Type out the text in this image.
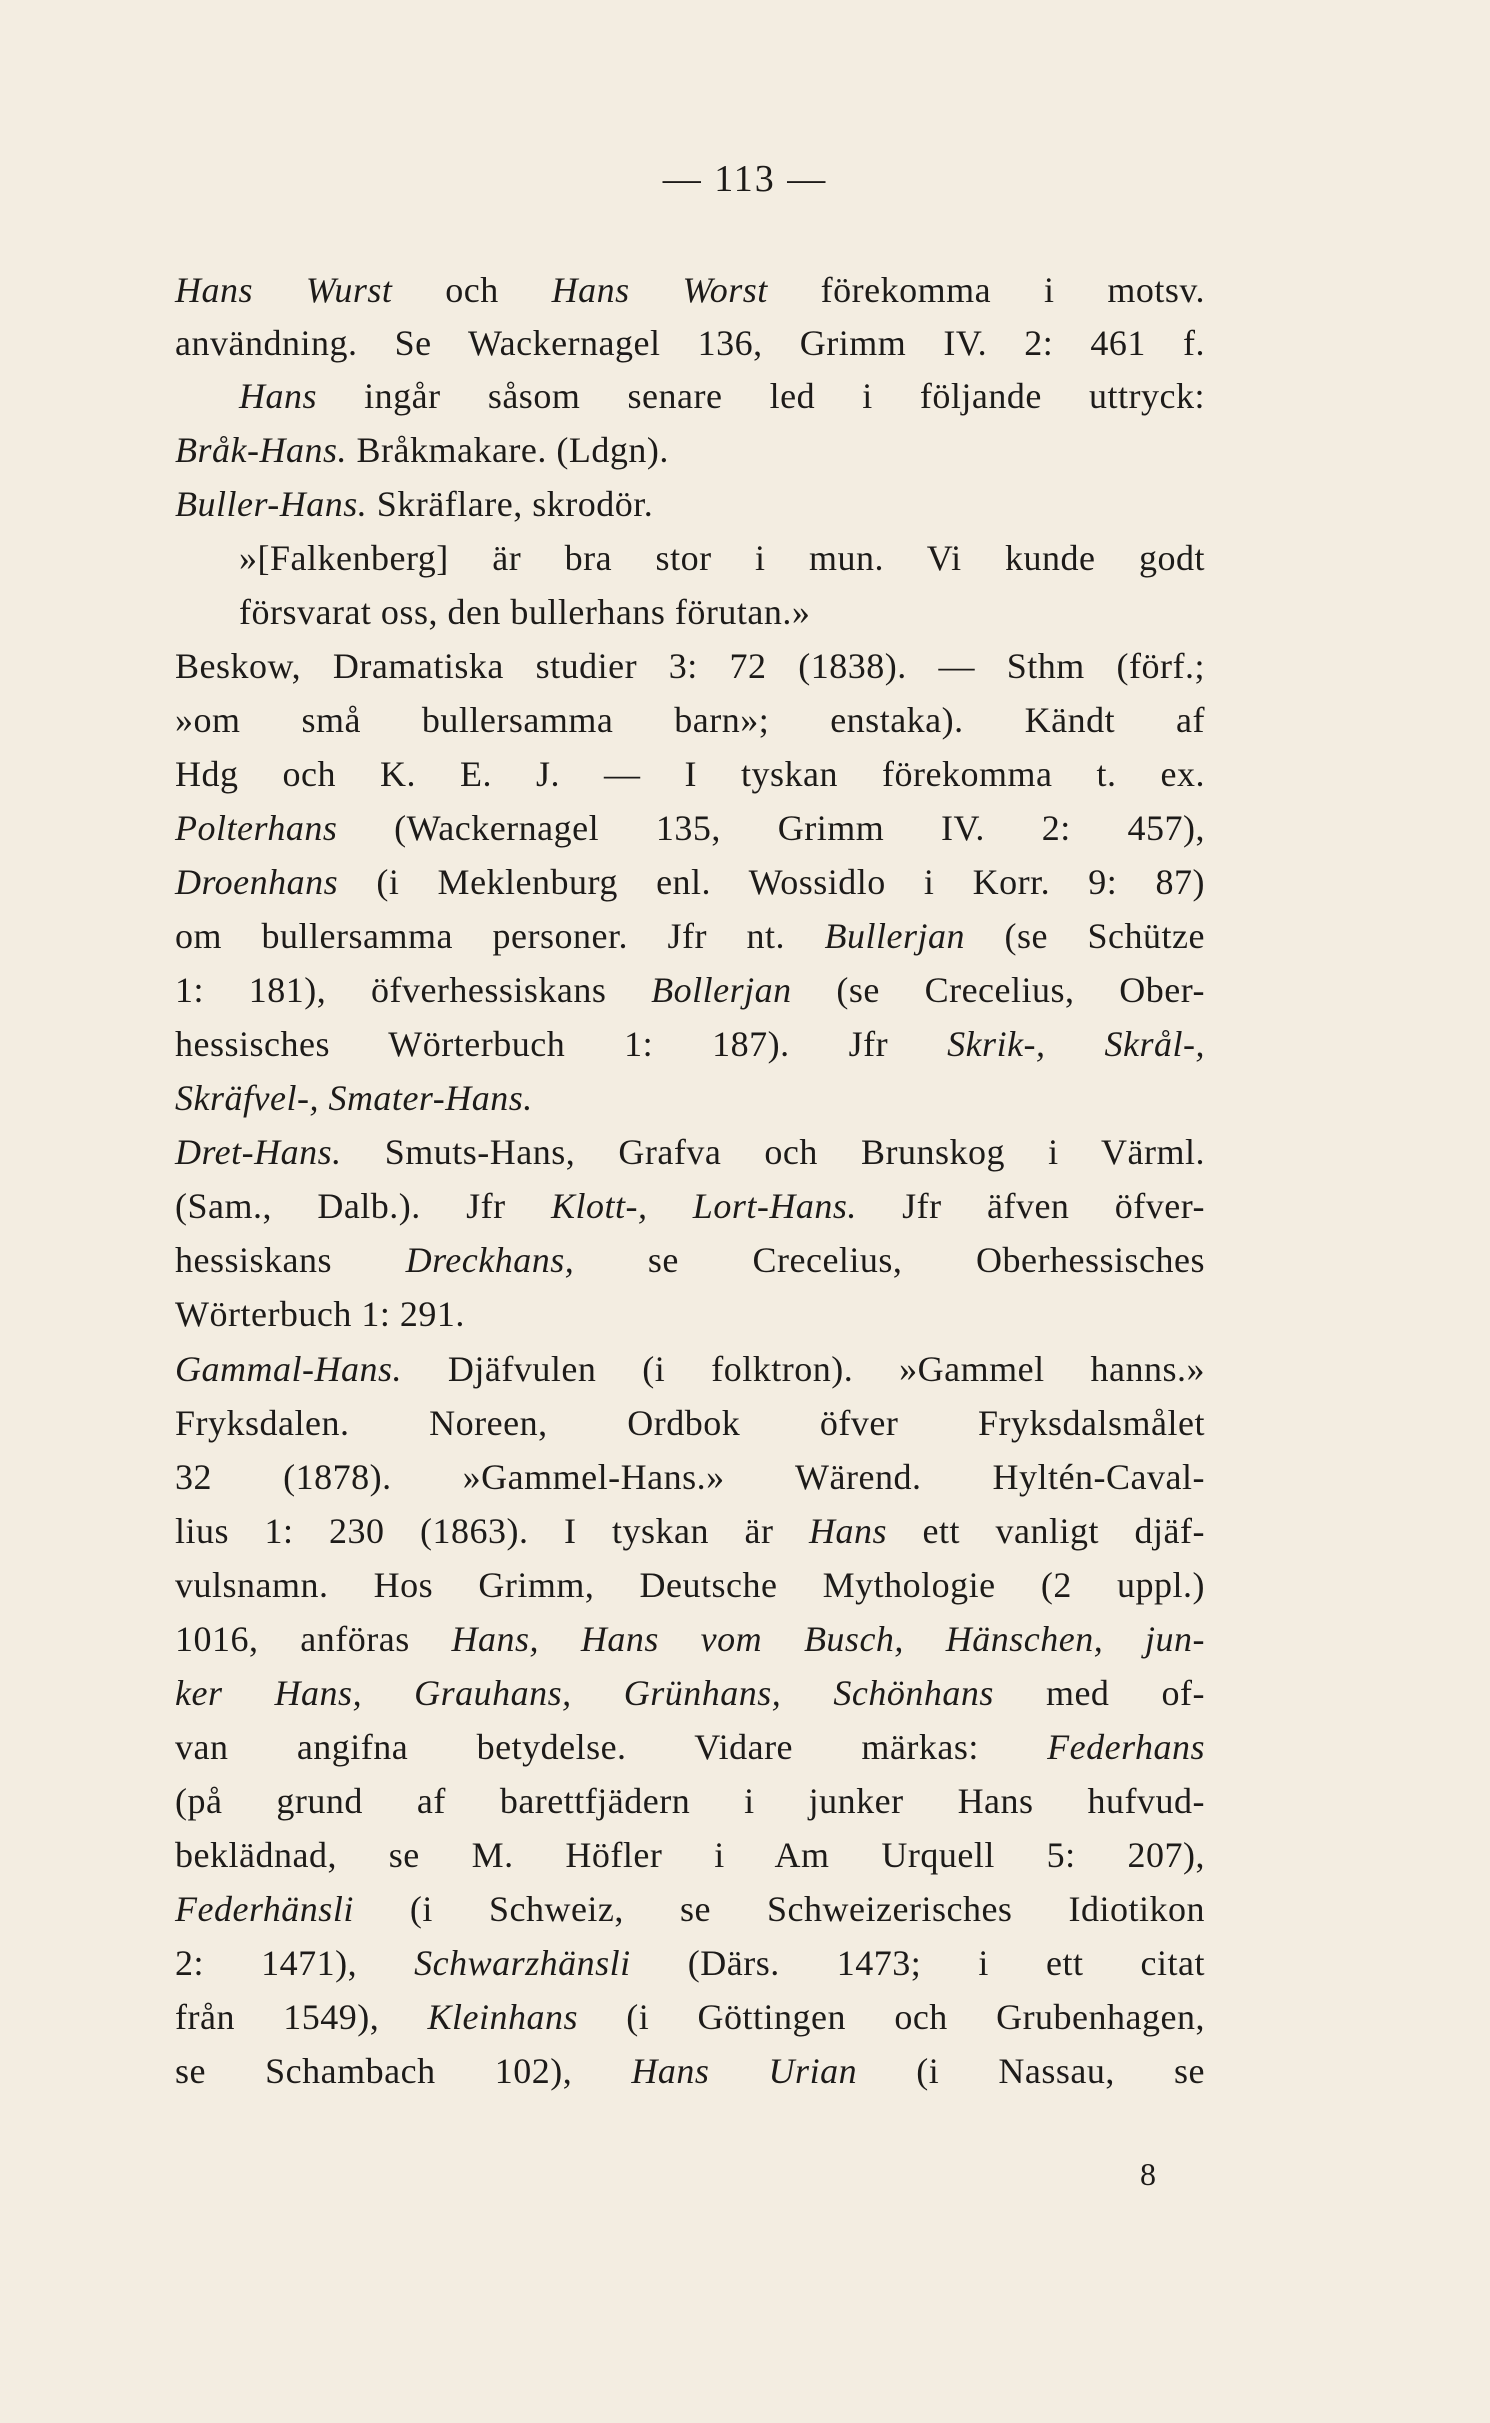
— 113 —
Hans Wurst och Hans Worst förekomma i motsv.
användning. Se Wackernagel 136, Grimm IV. 2: 461 f.
Hans ingår såsom senare led i följande uttryck:
Bråk-Hans. Bråkmakare. (Ldgn).
Buller-Hans. Skräflare, skrodör.
»[Falkenberg] är bra stor i mun. Vi kunde godt
försvarat oss, den bullerhans förutan.»
Beskow, Dramatiska studier 3: 72 (1838). — Sthm (förf.;
»om små bullersamma barn»; enstaka). Kändt af
Hdg och K. E. J. — I tyskan förekomma t. ex.
Polterhans (Wackernagel 135, Grimm IV. 2: 457),
Droenhans (i Meklenburg enl. Wossidlo i Korr. 9: 87)
om bullersamma personer. Jfr nt. Bullerjan (se Schütze
1: 181), öfverhessiskans Bollerjan (se Crecelius, Ober-
hessisches Wörterbuch 1: 187). Jfr Skrik-, Skrål-,
Skräfvel-, Smater-Hans.
Dret-Hans. Smuts-Hans, Grafva och Brunskog i Värml.
(Sam., Dalb.). Jfr Klott-, Lort-Hans. Jfr äfven öfver-
hessiskans Dreckhans, se Crecelius, Oberhessisches
Wörterbuch 1: 291.
Gammal-Hans. Djäfvulen (i folktron). »Gammel hanns.»
Fryksdalen. Noreen, Ordbok öfver Fryksdalsmålet
32 (1878). »Gammel-Hans.» Wärend. Hyltén-Caval-
lius 1: 230 (1863). I tyskan är Hans ett vanligt djäf-
vulsnamn. Hos Grimm, Deutsche Mythologie (2 uppl.)
1016, anföras Hans, Hans vom Busch, Hänschen, jun-
ker Hans, Grauhans, Grünhans, Schönhans med of-
van angifna betydelse. Vidare märkas: Federhans
(på grund af barettfjädern i junker Hans hufvud-
beklädnad, se M. Höfler i Am Urquell 5: 207),
Federhänsli (i Schweiz, se Schweizerisches Idiotikon
2: 1471), Schwarzhänsli (Därs. 1473; i ett citat
från 1549), Kleinhans (i Göttingen och Grubenhagen,
se Schambach 102), Hans Urian (i Nassau, se
8
